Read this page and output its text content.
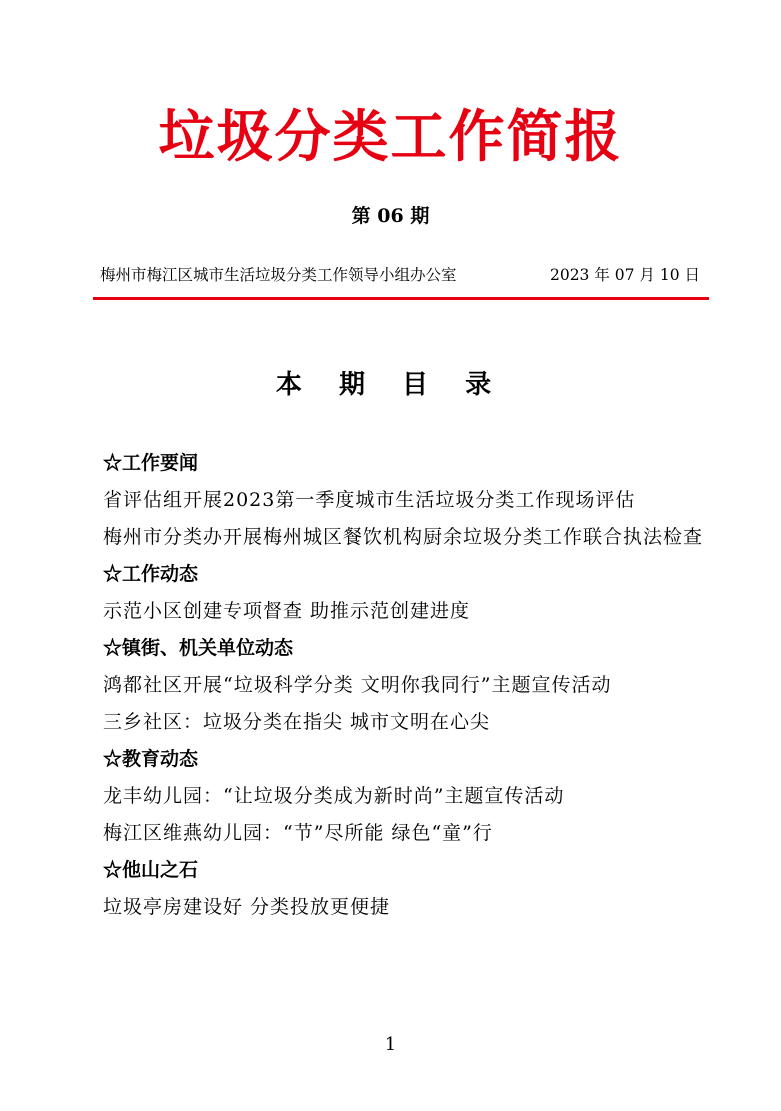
垃圾分类工作简报
第 06 期
梅州市梅江区城市生活垃圾分类工作领导小组办公室	2023 年 07 月 10 日
本 期 目 录
☆工作要闻
省评估组开展2023第一季度城市生活垃圾分类工作现场评估
梅州市分类办开展梅州城区餐饮机构厨余垃圾分类工作联合执法检查
☆工作动态
示范小区创建专项督查 助推示范创建进度
☆镇街、机关单位动态
鸿都社区开展“垃圾科学分类 文明你我同行”主题宣传活动
三乡社区：垃圾分类在指尖 城市文明在心尖
☆教育动态
龙丰幼儿园：“让垃圾分类成为新时尚”主题宣传活动
梅江区维燕幼儿园：“节”尽所能 绿色“童”行
☆他山之石
垃圾亭房建设好 分类投放更便捷
1
